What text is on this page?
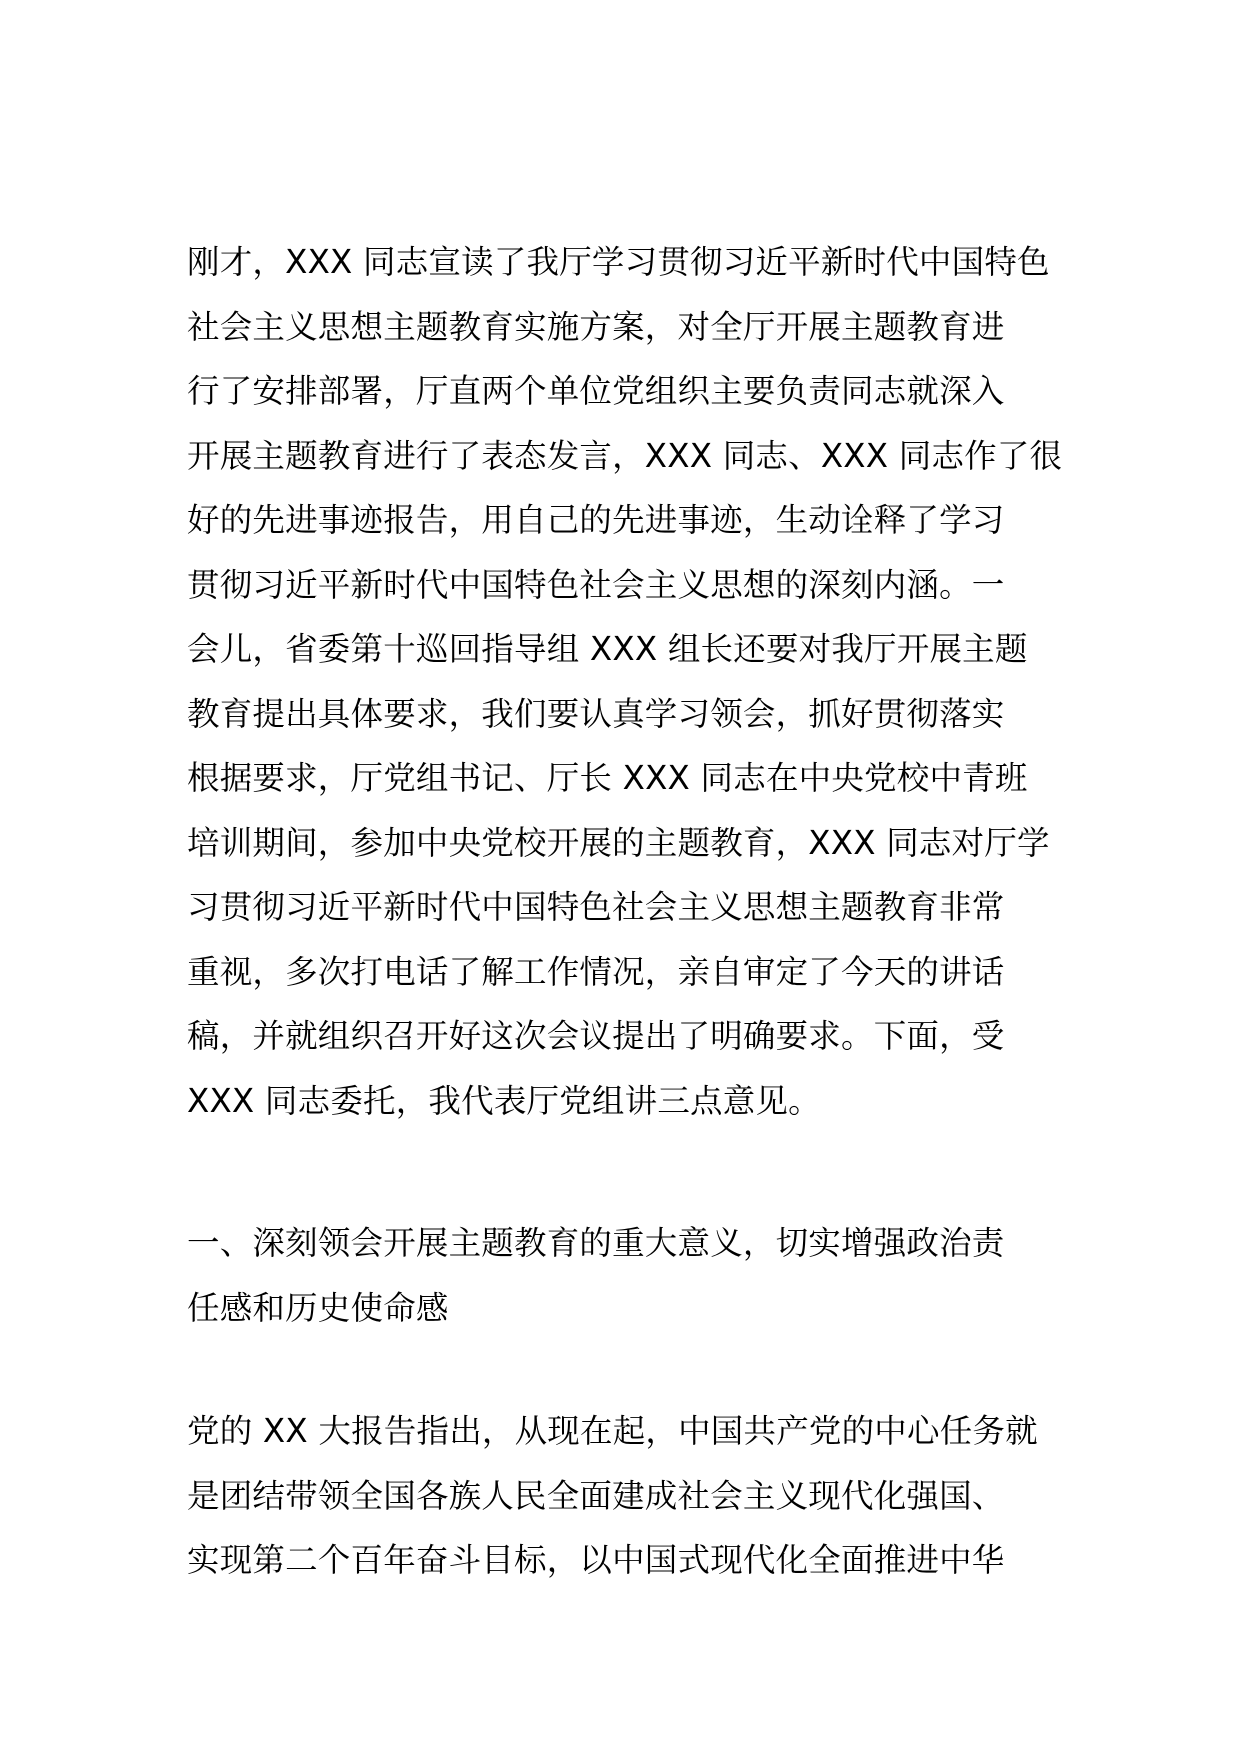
刚才，XXX 同志宣读了我厅学习贯彻习近平新时代中国特色
社会主义思想主题教育实施方案，对全厅开展主题教育进
行了安排部署，厅直两个单位党组织主要负责同志就深入
开展主题教育进行了表态发言，XXX 同志、XXX 同志作了很
好的先进事迹报告，用自己的先进事迹，生动诠释了学习
贯彻习近平新时代中国特色社会主义思想的深刻内涵。一
会儿，省委第十巡回指导组 XXX 组长还要对我厅开展主题
教育提出具体要求，我们要认真学习领会，抓好贯彻落实
根据要求，厅党组书记、厅长 XXX 同志在中央党校中青班
培训期间，参加中央党校开展的主题教育，XXX 同志对厅学
习贯彻习近平新时代中国特色社会主义思想主题教育非常
重视，多次打电话了解工作情况，亲自审定了今天的讲话
稿，并就组织召开好这次会议提出了明确要求。下面，受
XXX 同志委托，我代表厅党组讲三点意见。
一、深刻领会开展主题教育的重大意义，切实增强政治责
任感和历史使命感
党的 XX 大报告指出，从现在起，中国共产党的中心任务就
是团结带领全国各族人民全面建成社会主义现代化强国、
实现第二个百年奋斗目标，以中国式现代化全面推进中华
